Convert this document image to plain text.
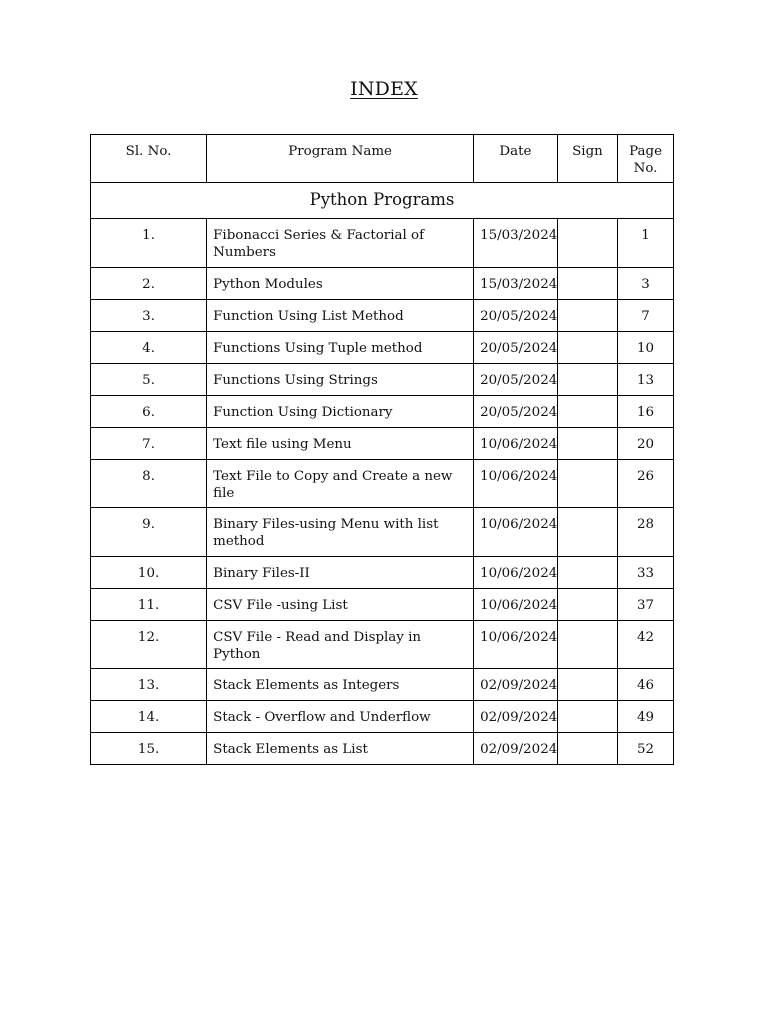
INDEX
Sl. No.	Program Name	Date	Sign	Page No.
Python Programs				
1.	Fibonacci Series & Factorial of Numbers	15/03/2024		1
2.	Python Modules	15/03/2024		3
3.	Function Using List Method	20/05/2024		7
4.	Functions Using Tuple method	20/05/2024		10
5.	Functions Using Strings	20/05/2024		13
6.	Function Using Dictionary	20/05/2024		16
7.	Text file using Menu	10/06/2024		20
8.	Text File to Copy and Create a new file	10/06/2024		26
9.	Binary Files-using Menu with list method	10/06/2024		28
10.	Binary Files-II	10/06/2024		33
11.	CSV File -using List	10/06/2024		37
12.	CSV File - Read and Display in Python	10/06/2024		42
13.	Stack Elements as Integers	02/09/2024		46
14.	Stack - Overflow and Underflow	02/09/2024		49
15.	Stack Elements as List	02/09/2024		52
